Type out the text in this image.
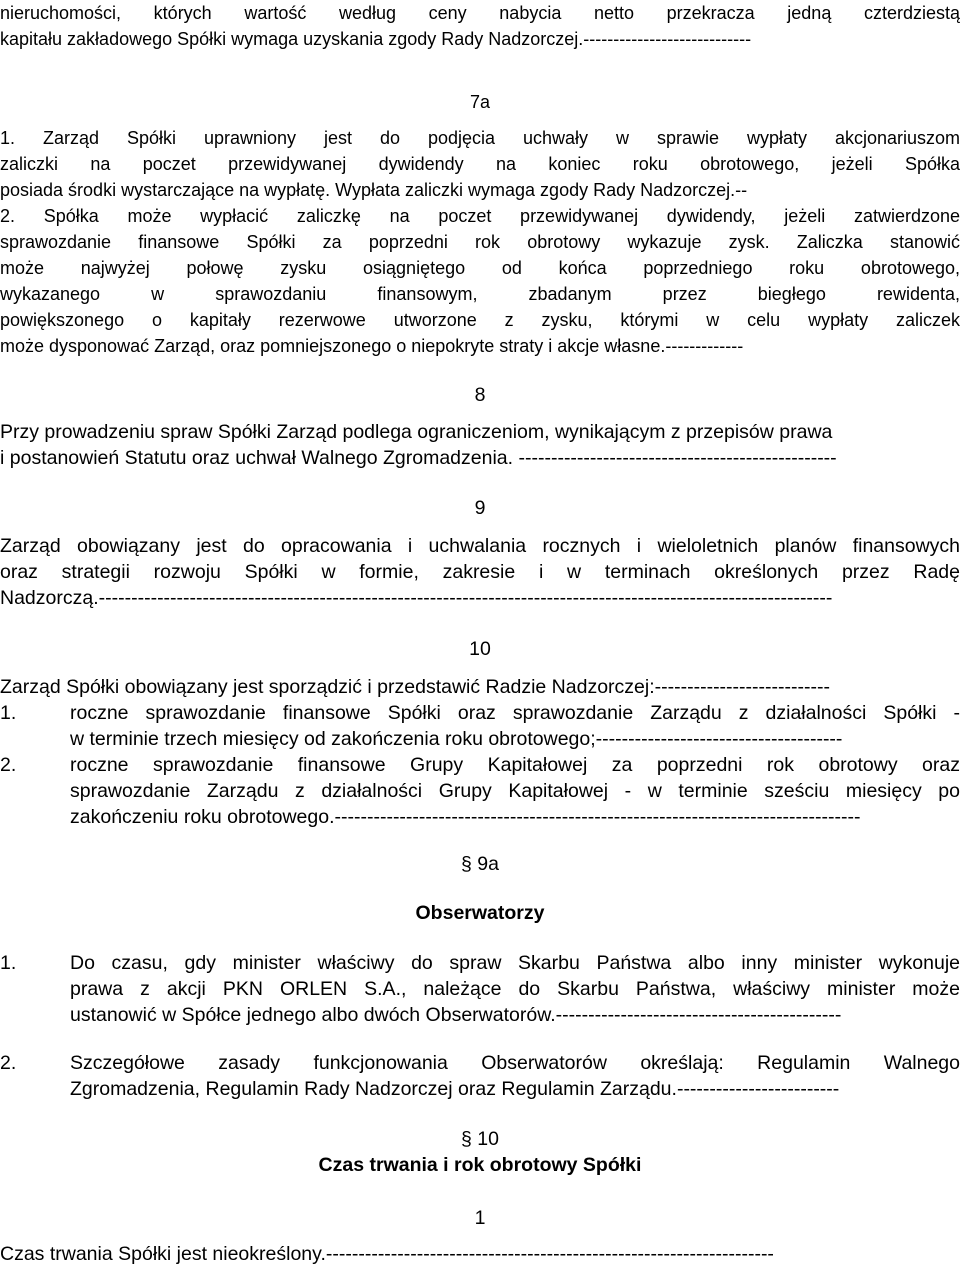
nieruchomości, których wartość według ceny nabycia netto przekracza jedną czterdziestą
kapitału zakładowego Spółki wymaga uzyskania zgody Rady Nadzorczej.----------------------------
7a
1. Zarząd Spółki uprawniony jest do podjęcia uchwały w sprawie wypłaty akcjonariuszom
zaliczki na poczet przewidywanej dywidendy na koniec roku obrotowego, jeżeli Spółka
posiada środki wystarczające na wypłatę. Wypłata zaliczki wymaga zgody Rady Nadzorczej.--
2. Spółka może wypłacić zaliczkę na poczet przewidywanej dywidendy, jeżeli zatwierdzone
sprawozdanie finansowe Spółki za poprzedni rok obrotowy wykazuje zysk. Zaliczka stanowić
może najwyżej połowę zysku osiągniętego od końca poprzedniego roku obrotowego,
wykazanego w sprawozdaniu finansowym, zbadanym przez biegłego rewidenta,
powiększonego o kapitały rezerwowe utworzone z zysku, którymi w celu wypłaty zaliczek
może dysponować Zarząd, oraz pomniejszonego o niepokryte straty i akcje własne.-------------
8
Przy prowadzeniu spraw Spółki Zarząd podlega ograniczeniom, wynikającym z przepisów prawa
i postanowień Statutu oraz uchwał Walnego Zgromadzenia. -------------------------------------------------
9
Zarząd obowiązany jest do opracowania i uchwalania rocznych i wieloletnich planów finansowych
oraz strategii rozwoju Spółki w formie, zakresie i w terminach określonych przez Radę
Nadzorczą.-----------------------------------------------------------------------------------------------------------------
10
Zarząd Spółki obowiązany jest sporządzić i przedstawić Radzie Nadzorczej:---------------------------
1.	roczne sprawozdanie finansowe Spółki oraz sprawozdanie Zarządu z działalności Spółki -
w terminie trzech miesięcy od zakończenia roku obrotowego;--------------------------------------
2.	roczne sprawozdanie finansowe Grupy Kapitałowej za poprzedni rok obrotowy oraz
sprawozdanie Zarządu z działalności Grupy Kapitałowej - w terminie sześciu miesięcy po
zakończeniu roku obrotowego.---------------------------------------------------------------------------------
§ 9a
Obserwatorzy
1.	Do czasu, gdy minister właściwy do spraw Skarbu Państwa albo inny minister wykonuje
prawa z akcji PKN ORLEN S.A., należące do Skarbu Państwa, właściwy minister może
ustanowić w Spółce jednego albo dwóch Obserwatorów.--------------------------------------------
2.	Szczegółowe zasady funkcjonowania Obserwatorów określają: Regulamin Walnego
Zgromadzenia, Regulamin Rady Nadzorczej oraz Regulamin Zarządu.-------------------------
§ 10
Czas trwania i rok obrotowy Spółki
1
Czas trwania Spółki jest nieokreślony.---------------------------------------------------------------------
